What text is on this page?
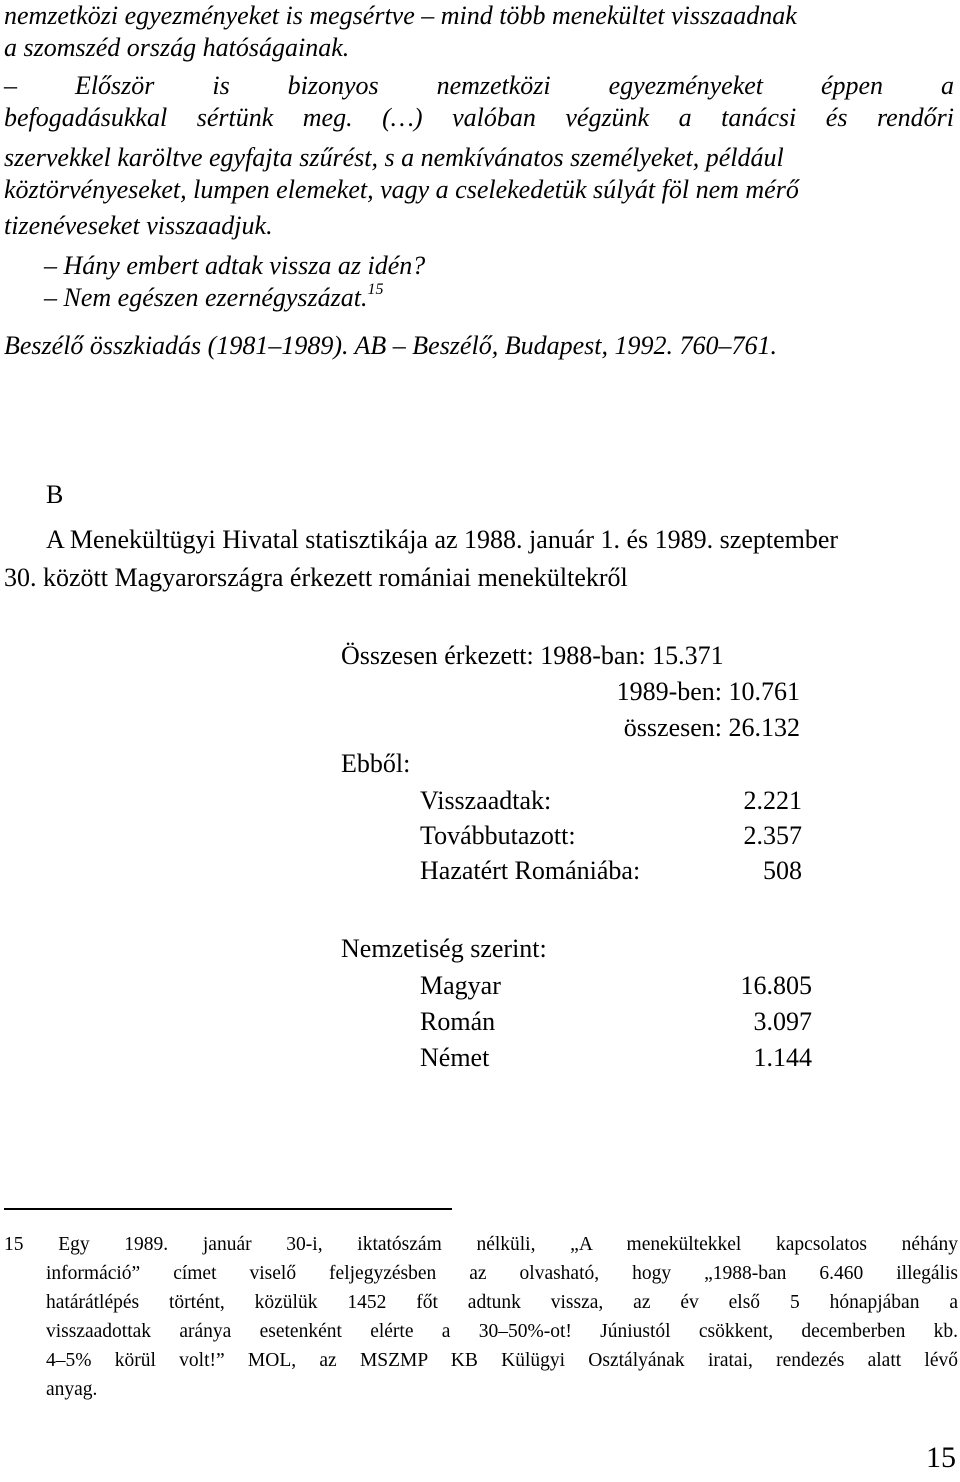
nemzetközi egyezményeket is megsértve – mind több menekültet visszaadnak
a szomszéd ország hatóságainak.
– Először is bizonyos nemzetközi egyezményeket éppen a
befogadásukkal sértünk meg. (…) valóban végzünk a tanácsi és rendőri
szervekkel karöltve egyfajta szűrést, s a nemkívánatos személyeket, például
köztörvényeseket, lumpen elemeket, vagy a cselekedetük súlyát föl nem mérő
tizenéveseket visszaadjuk.
– Hány embert adtak vissza az idén?
– Nem egészen ezernégyszázat.$^{15}$
Beszélő összkiadás (1981–1989). AB – Beszélő, Budapest, 1992. 760–761.
B
A Menekültügyi Hivatal statisztikája az 1988. január 1. és 1989. szeptember
30. között Magyarországra érkezett romániai menekültekről
Összesen érkezett: 1988-ban: 15.371
1989-ben: 10.761
összesen: 26.132
Ebből:
Visszaadtak:	2.221
Továbbutazott:	2.357
Hazatért Romániába:	508
Nemzetiség szerint:
Magyar	16.805
Román	3.097
Német	1.144
15 Egy 1989. január 30-i, iktatószám nélküli, „A menekültekkel kapcsolatos néhány
információ” címet viselő feljegyzésben az olvasható, hogy „1988-ban 6.460 illegális
határátlépés történt, közülük 1452 főt adtunk vissza, az év első 5 hónapjában a
visszaadottak aránya esetenként elérte a 30–50%-ot! Júniustól csökkent, decemberben kb.
4–5% körül volt!” MOL, az MSZMP KB Külügyi Osztályának iratai, rendezés alatt lévő
anyag.
15
